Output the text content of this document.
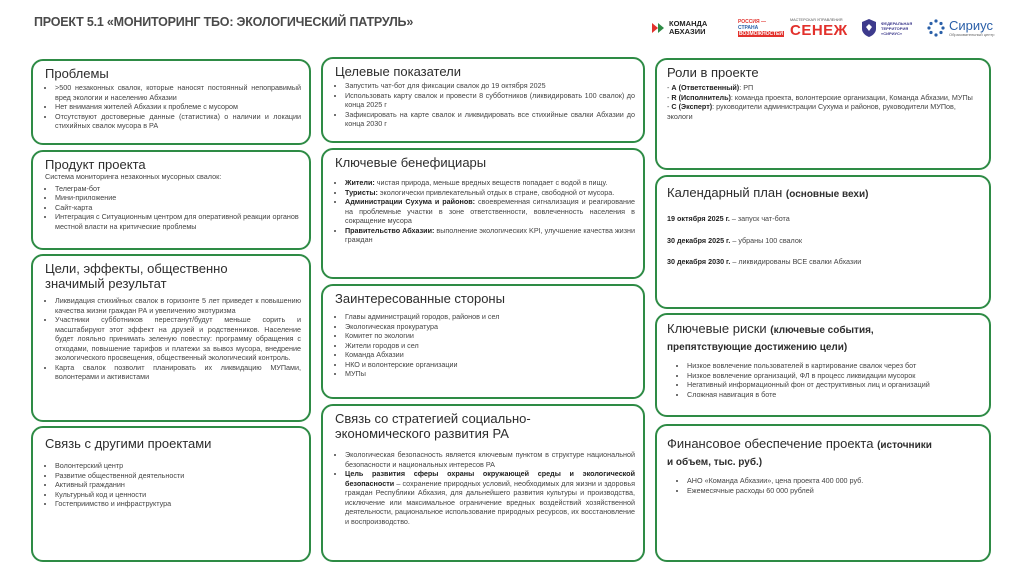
ПРОЕКТ 5.1 «МОНИТОРИНГ ТБО: ЭКОЛОГИЧЕСКИЙ ПАТРУЛЬ»	КОМАНДА АБХАЗИИ
РОССИЯ —
СТРАНА
ВОЗМОЖНОСТЕЙ
МАСТЕРСКАЯ УПРАВЛЕНИЯ
СЕНЕЖ	ФЕДЕРАЛЬНАЯ ТЕРРИТОРИЯ «СИРИУС»	Сириус
Образовательный центр
Проблемы
• >500 незаконных свалок, которые наносят постоянный непоправимый вред экологии и населению Абхазии
• Нет внимания жителей Абхазии к проблеме с мусором
• Отсутствуют достоверные данные (статистика) о наличии и локации стихийных свалок мусора в РА
Продукт проекта

Система мониторинга незаконных мусорных свалок:

• Телеграм-бот
• Мини-приложение
• Сайт-карта
• Интеграция с Ситуационным центром для оперативной реакции органов местной власти на критические проблемы
Цели, эффекты, общественно значимый результат
• Ликвидация стихийных свалок в горизонте 5 лет приведет к повышению качества жизни граждан РА и увеличению экотуризма
• Участники субботников перестанут/будут меньше сорить и масштабируют этот эффект на друзей и родственников. Население будет лояльно принимать зеленую повестку: программу обращения с отходами, повышение тарифов и платежи за вывоз мусора, внедрение экологического просвещения, общественный экологический контроль.
• Карта свалок позволит планировать их ликвидацию МУПами, волонтерами и активистами
Связь с другими проектами
• Волонтерский центр
• Развитие общественной деятельности
• Активный гражданин
• Культурный код и ценности
• Гостеприимство и инфраструктура
Целевые показатели
• Запустить чат-бот для фиксации свалок до 19 октября 2025
• Использовать карту свалок и провести 8 субботников (ликвидировать 100 свалок) до конца 2025 г
• Зафиксировать на карте свалок и ликвидировать все стихийные свалки Абхазии до конца 2030 г
Ключевые бенефициары
• Жители: чистая природа, меньше вредных веществ попадает с водой в пищу.
• Туристы: экологически привлекательный отдых в стране, свободной от мусора.
• Администрации Сухума и районов: своевременная сигнализация и реагирование на проблемные участки в зоне ответственности, вовлеченность населения в сокращение мусора
• Правительство Абхазии: выполнение экологических KPI, улучшение качества жизни граждан
Заинтересованные стороны
• Главы администраций городов, районов и сел
• Экологическая прокуратура
• Комитет по экологии
• Жители городов и сел
• Команда Абхазии
• НКО и волонтерские организации
• МУПы
Связь со стратегией социально-экономического развития РА
• Экологическая безопасность является ключевым пунктом в структуре национальной безопасности и национальных интересов РА
• Цель развития сферы охраны окружающей среды и экологической безопасности – сохранение природных условий, необходимых для жизни и здоровья граждан Республики Абхазия, для дальнейшего развития культуры и производства, исключение или максимальное ограничение вредных воздействий хозяйственной деятельности, рациональное использование природных ресурсов, их восстановление и воспроизводство.
Роли в проекте

- А (Ответственный): РП

- R (Исполнитель): команда проекта, волонтерские организации, Команда Абхазии, МУПы

- C (Эксперт): руководители администрации Сухума и районов, руководители МУПов, экологи

Календарный план (основные вехи)

19 октября 2025 г. – запуск чат-бота

30 декабря 2025 г. – убраны 100 свалок

30 декабря 2030 г. – ликвидированы ВСЕ свалки Абхазии

Ключевые риски (ключевые события, препятствующие достижению цели)
• Низкое вовлечение пользователей в картирование свалок через бот
• Низкое вовлечение организаций, ФЛ в процесс ликвидации мусорок
• Негативный информационный фон от деструктивных лиц и организаций
• Сложная навигация в боте
Финансовое обеспечение проекта (источники и объем, тыс. руб.)
• АНО «Команда Абхазии», цена проекта 400 000 руб.
• Ежемесячные расходы 60 000 рублей
